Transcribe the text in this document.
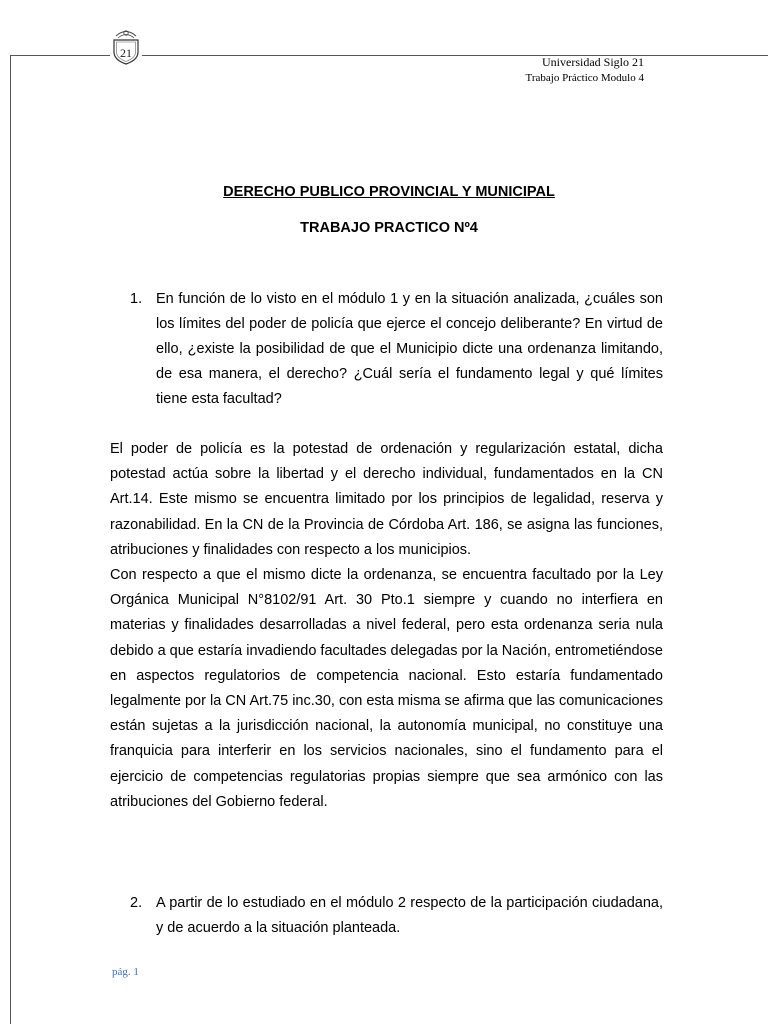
21
Universidad Siglo 21
Trabajo Práctico Modulo 4
DERECHO PUBLICO PROVINCIAL Y MUNICIPAL
TRABAJO PRACTICO Nº4
1. En función de lo visto en el módulo 1 y en la situación analizada, ¿cuáles son los límites del poder de policía que ejerce el concejo deliberante? En virtud de ello, ¿existe la posibilidad de que el Municipio dicte una ordenanza limitando, de esa manera, el derecho? ¿Cuál sería el fundamento legal y qué límites tiene esta facultad?

El poder de policía es la potestad de ordenación y regularización estatal, dicha potestad actúa sobre la libertad y el derecho individual, fundamentados en la CN Art.14. Este mismo se encuentra limitado por los principios de legalidad, reserva y razonabilidad. En la CN de la Provincia de Córdoba Art. 186, se asigna las funciones, atribuciones y finalidades con respecto a los municipios.

Con respecto a que el mismo dicte la ordenanza, se encuentra facultado por la Ley Orgánica Municipal N°8102/91 Art. 30 Pto.1 siempre y cuando no interfiera en materias y finalidades desarrolladas a nivel federal, pero esta ordenanza seria nula debido a que estaría invadiendo facultades delegadas por la Nación, entrometiéndose en aspectos regulatorios de competencia nacional. Esto estaría fundamentado legalmente por la CN Art.75 inc.30, con esta misma se afirma que las comunicaciones están sujetas a la jurisdicción nacional, la autonomía municipal, no constituye una franquicia para interferir en los servicios nacionales, sino el fundamento para el ejercicio de competencias regulatorias propias siempre que sea armónico con las atribuciones del Gobierno federal.

2. A partir de lo estudiado en el módulo 2 respecto de la participación ciudadana, y de acuerdo a la situación planteada.
pág. 1
